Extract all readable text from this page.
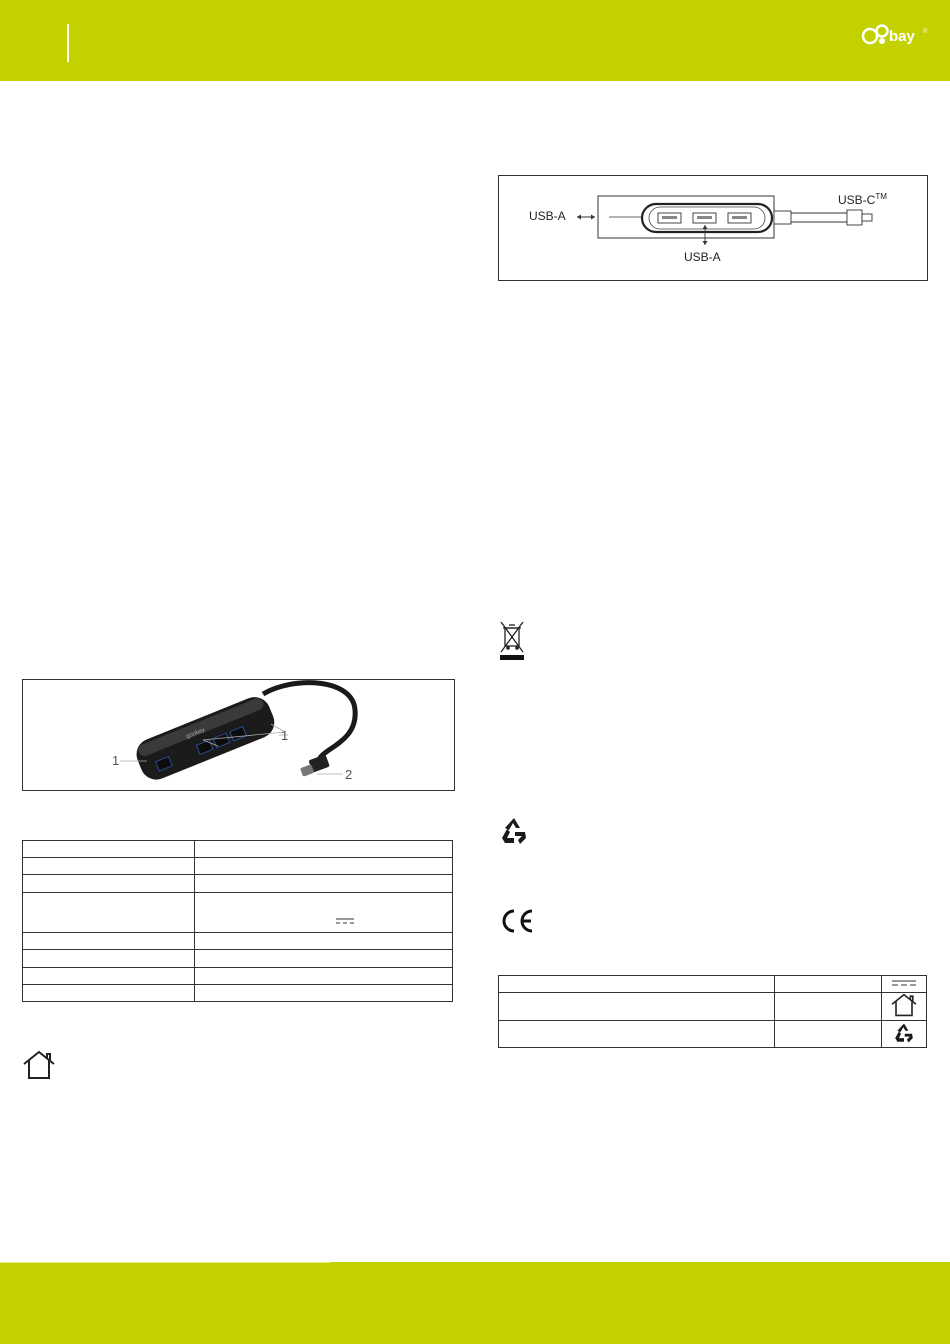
bay ®
USB-A
USB-A
USB-C™
goobay
1
1
2
